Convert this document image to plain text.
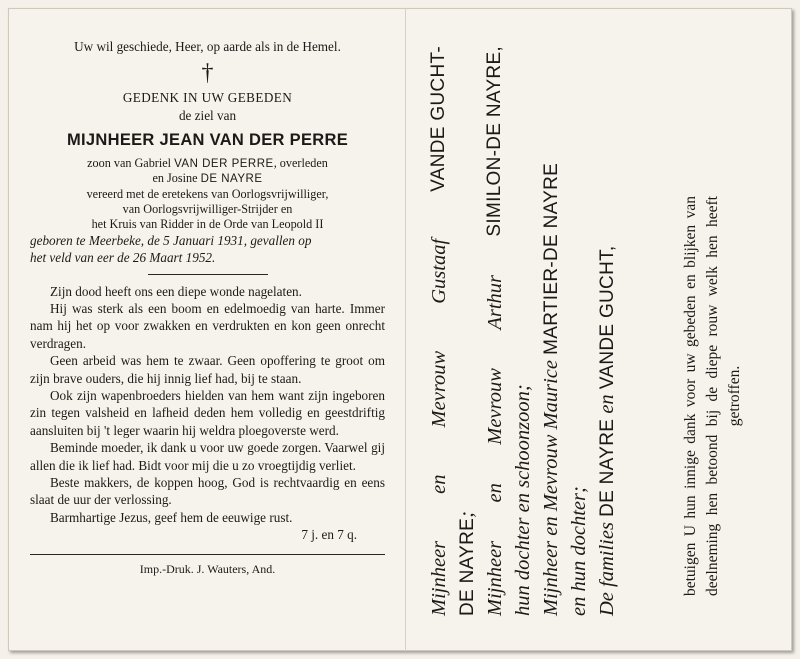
Uw wil geschiede, Heer, op aarde als in de Hemel.
†
GEDENK IN UW GEBEDEN
de ziel van
MIJNHEER JEAN VAN DER PERRE
zoon van Gabriel VAN DER PERRE, overleden
en Josine DE NAYRE
vereerd met de eretekens van Oorlogsvrijwilliger,
van Oorlogsvrijwilliger-Strijder en
het Kruis van Ridder in de Orde van Leopold II
geboren te Meerbeke, de 5 Januari 1931, gevallen op
het veld van eer de 26 Maart 1952.

Zijn dood heeft ons een diepe wonde nagelaten.

Hij was sterk als een boom en edelmoedig van harte. Immer nam hij het op voor zwakken en verdrukten en kon geen onrecht verdragen.

Geen arbeid was hem te zwaar. Geen opoffering te groot om zijn brave ouders, die hij innig lief had, bij te staan.

Ook zijn wapenbroeders hielden van hem want zijn ingeboren zin tegen valsheid en lafheid deden hem volledig en geestdriftig aansluiten bij 't leger waarin hij weldra ploegoverste werd.

Beminde moeder, ik dank u voor uw goede zorgen. Vaarwel gij allen die ik lief had. Bidt voor mij die u zo vroegtijdig verliet.

Beste makkers, de koppen hoog, God is rechtvaardig en eens slaat de uur der verlossing.

Barmhartige Jezus, geef hem de eeuwige rust.

7 j. en 7 q.

Imp.-Druk. J. Wauters, And.	Mijnheer
en
Mevrouw
Gustaaf
VANDE GUCHT-
DE NAYRE;
Mijnheer
en
Mevrouw
Arthur
SIMILON-DE NAYRE,
hun dochter en schoonzoon; Mijnheer en Mevrouw Maurice MARTIER-DE NAYRE
en hun dochter; De families DE NAYRE en VANDE GUCHT,	betuigen U hun innige dank voor uw gebeden en blijken van deelneming hen betoond bij de diepe rouw welk hen heeft getroffen.
